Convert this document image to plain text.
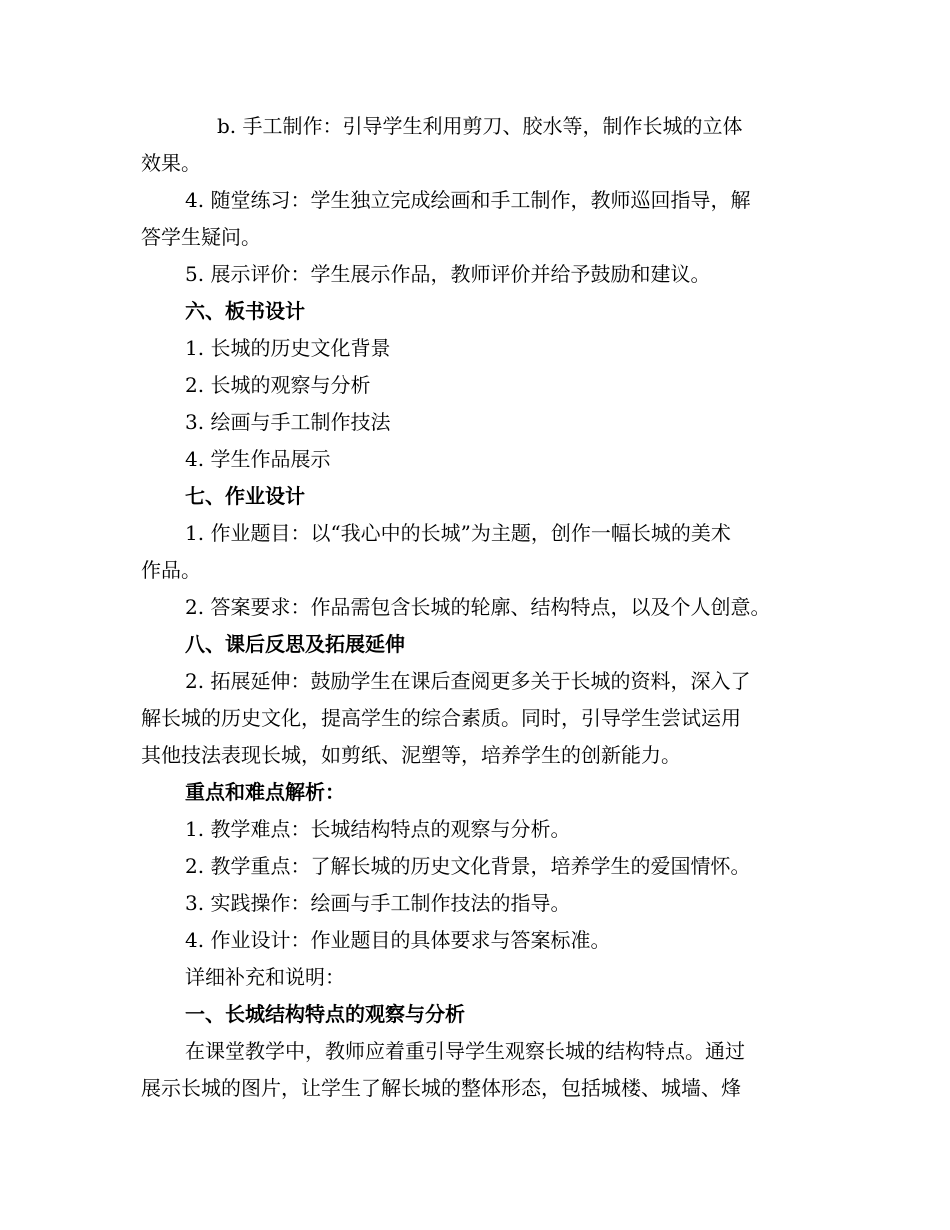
b. 手工制作：引导学生利用剪刀、胶水等，制作长城的立体
效果。
4. 随堂练习：学生独立完成绘画和手工制作，教师巡回指导，解
答学生疑问。
5. 展示评价：学生展示作品，教师评价并给予鼓励和建议。
六、板书设计
1. 长城的历史文化背景
2. 长城的观察与分析
3. 绘画与手工制作技法
4. 学生作品展示
七、作业设计
1. 作业题目：以“我心中的长城”为主题，创作一幅长城的美术
作品。
2. 答案要求：作品需包含长城的轮廓、结构特点，以及个人创意。
八、课后反思及拓展延伸
2. 拓展延伸：鼓励学生在课后查阅更多关于长城的资料，深入了
解长城的历史文化，提高学生的综合素质。同时，引导学生尝试运用
其他技法表现长城，如剪纸、泥塑等，培养学生的创新能力。
重点和难点解析：
1. 教学难点：长城结构特点的观察与分析。
2. 教学重点：了解长城的历史文化背景，培养学生的爱国情怀。
3. 实践操作：绘画与手工制作技法的指导。
4. 作业设计：作业题目的具体要求与答案标准。
详细补充和说明：
一、长城结构特点的观察与分析
在课堂教学中，教师应着重引导学生观察长城的结构特点。通过
展示长城的图片，让学生了解长城的整体形态，包括城楼、城墙、烽
